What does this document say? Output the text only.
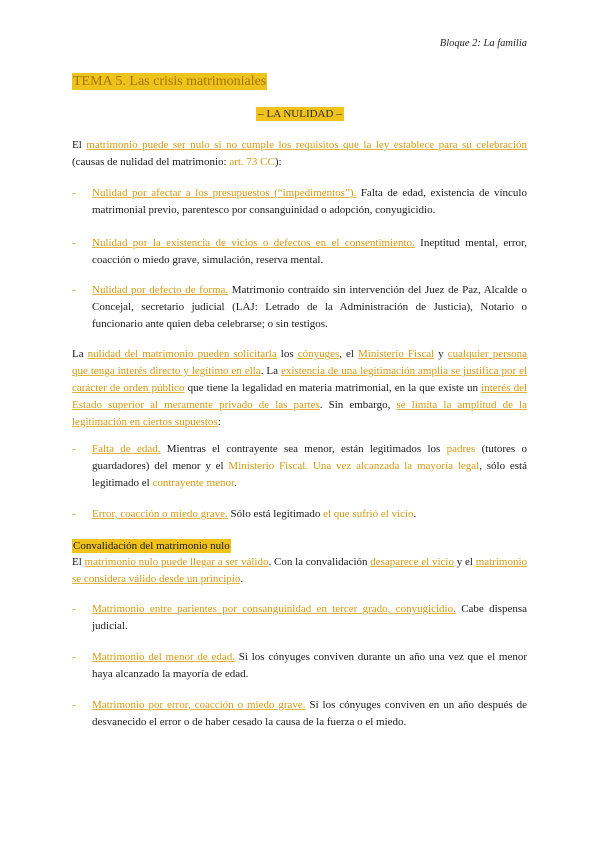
Bloque 2: La familia
TEMA 5. Las crisis matrimoniales
– LA NULIDAD –
El matrimonio puede ser nulo si no cumple los requisitos que la ley establece para su celebración (causas de nulidad del matrimonio: art. 73 CC):
- Nulidad por afectar a los presupuestos (“impedimentos”). Falta de edad, existencia de vínculo matrimonial previo, parentesco por consanguinidad o adopción, conyugicidio.
- Nulidad por la existencia de vicios o defectos en el consentimiento. Ineptitud mental, error, coacción o miedo grave, simulación, reserva mental.
- Nulidad por defecto de forma. Matrimonio contraído sin intervención del Juez de Paz, Alcalde o Concejal, secretario judicial (LAJ: Letrado de la Administración de Justicia), Notario o funcionario ante quien deba celebrarse; o sin testigos.
La nulidad del matrimonio pueden solicitarla los cónyuges, el Ministerio Fiscal y cualquier persona que tenga interés directo y legítimo en ella. La existencia de una legitimación amplia se justifica por el carácter de orden público que tiene la legalidad en materia matrimonial, en la que existe un interés del Estado superior al meramente privado de las partes. Sin embargo, se limita la amplitud de la legitimación en ciertos supuestos:
- Falta de edad. Mientras el contrayente sea menor, están legitimados los padres (tutores o guardadores) del menor y el Ministerio Fiscal. Una vez alcanzada la mayoría legal, sólo está legitimado el contrayente menor.
- Error, coacción o miedo grave. Sólo está legitimado el que sufrió el vicio.
Convalidación del matrimonio nulo
El matrimonio nulo puede llegar a ser válido. Con la convalidación desaparece el vicio y el matrimonio se considera válido desde un principio.
- Matrimonio entre parientes por consanguinidad en tercer grado, conyugicidio. Cabe dispensa judicial.
- Matrimonio del menor de edad. Si los cónyuges conviven durante un año una vez que el menor haya alcanzado la mayoría de edad.
- Matrimonio por error, coacción o miedo grave. Si los cónyuges conviven en un año después de desvanecido el error o de haber cesado la causa de la fuerza o el miedo.
